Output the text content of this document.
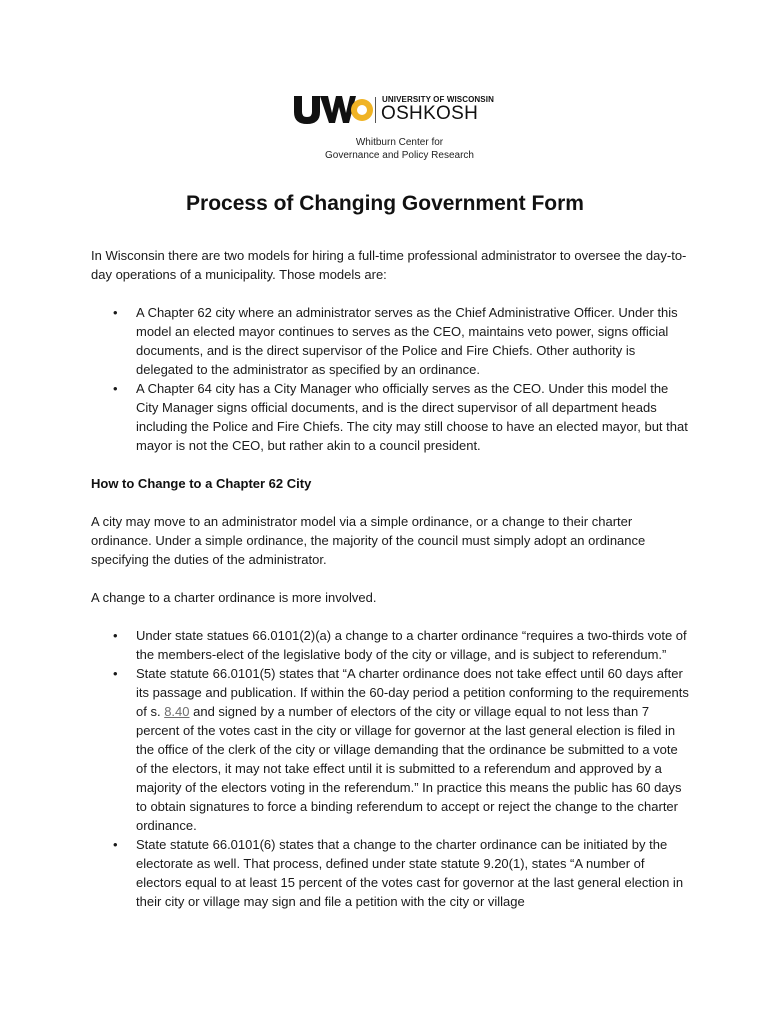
UNIVERSITY OF WISCONSIN
OSHKOSH
Whitburn Center for
Governance and Policy Research
Process of Changing Government Form

In Wisconsin there are two models for hiring a full-time professional administrator to oversee the day-to-day operations of a municipality. Those models are:

• A Chapter 62 city where an administrator serves as the Chief Administrative Officer. Under this model an elected mayor continues to serves as the CEO, maintains veto power, signs official documents, and is the direct supervisor of the Police and Fire Chiefs. Other authority is delegated to the administrator as specified by an ordinance.
• A Chapter 64 city has a City Manager who officially serves as the CEO. Under this model the City Manager signs official documents, and is the direct supervisor of all department heads including the Police and Fire Chiefs. The city may still choose to have an elected mayor, but that mayor is not the CEO, but rather akin to a council president.
How to Change to a Chapter 62 City

A city may move to an administrator model via a simple ordinance, or a change to their charter ordinance. Under a simple ordinance, the majority of the council must simply adopt an ordinance specifying the duties of the administrator.

A change to a charter ordinance is more involved.

• Under state statues 66.0101(2)(a) a change to a charter ordinance “requires a two-thirds vote of the members-elect of the legislative body of the city or village, and is subject to referendum.”
• State statute 66.0101(5) states that “A charter ordinance does not take effect until 60 days after its passage and publication. If within the 60-day period a petition conforming to the requirements of s. 8.40 and signed by a number of electors of the city or village equal to not less than 7 percent of the votes cast in the city or village for governor at the last general election is filed in the office of the clerk of the city or village demanding that the ordinance be submitted to a vote of the electors, it may not take effect until it is submitted to a referendum and approved by a majority of the electors voting in the referendum.” In practice this means the public has 60 days to obtain signatures to force a binding referendum to accept or reject the change to the charter ordinance.
• State statute 66.0101(6) states that a change to the charter ordinance can be initiated by the electorate as well. That process, defined under state statute 9.20(1), states “A number of electors equal to at least 15 percent of the votes cast for governor at the last general election in their city or village may sign and file a petition with the city or village
